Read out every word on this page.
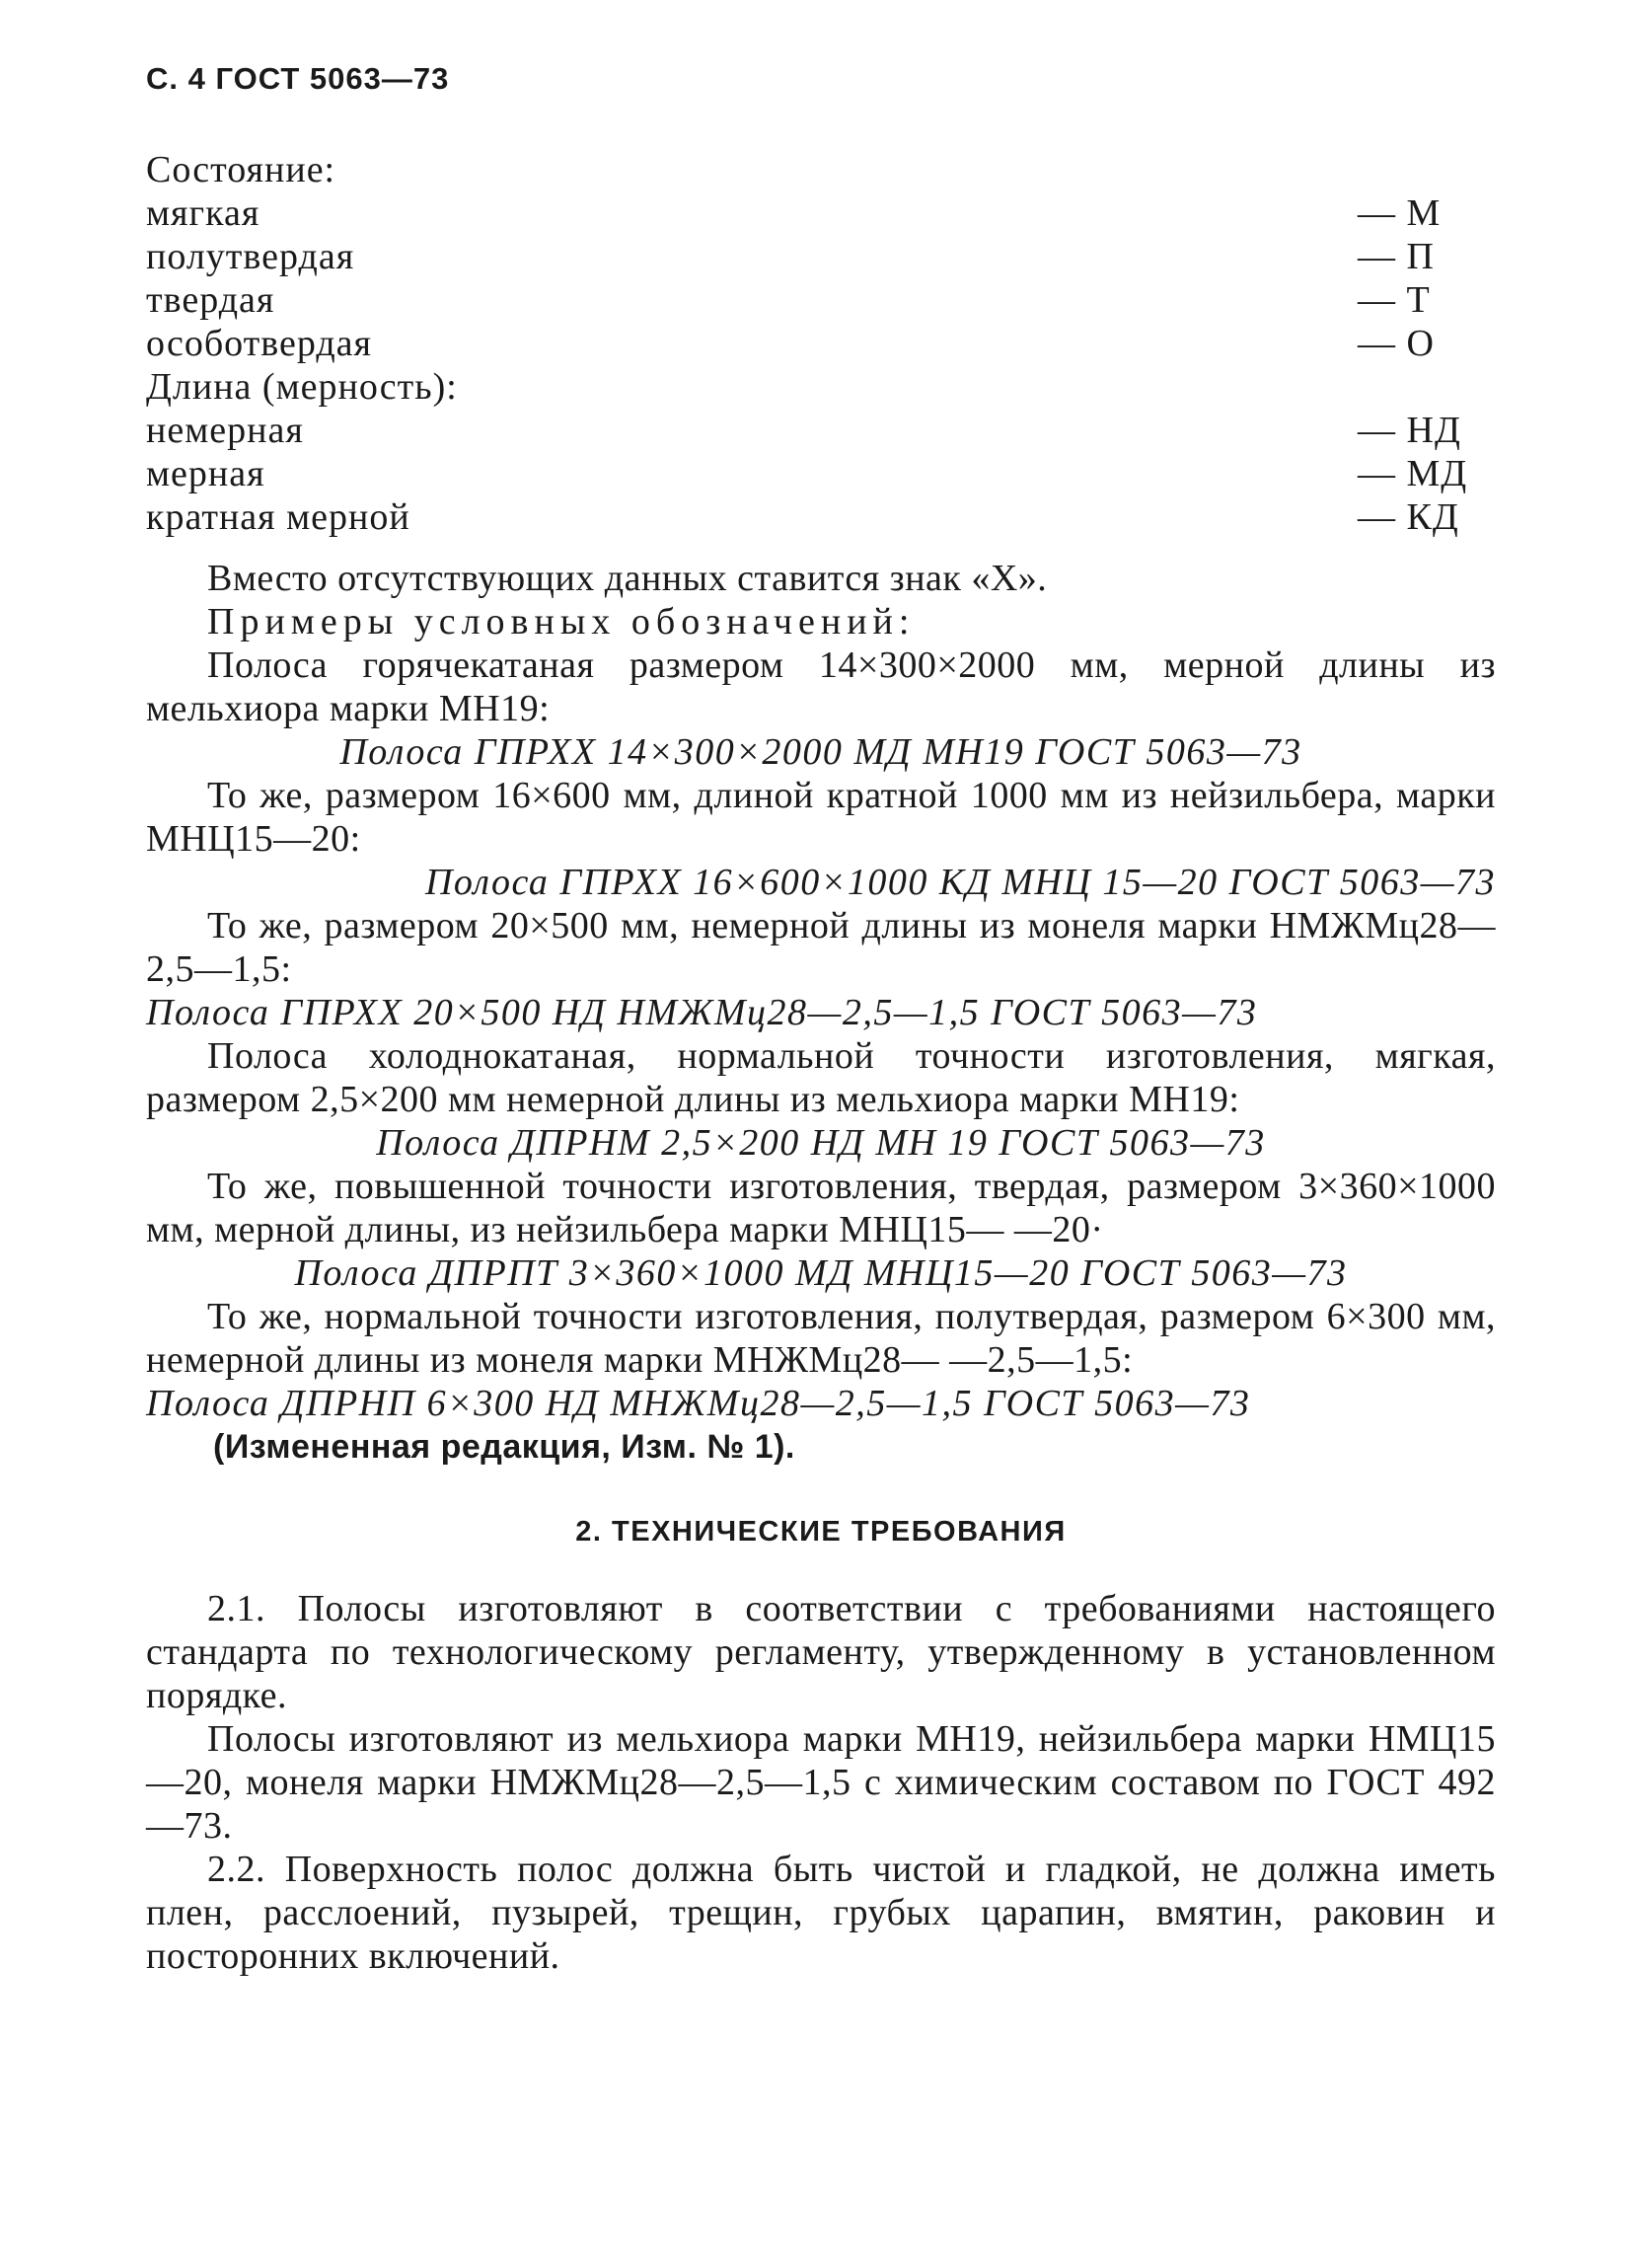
С. 4 ГОСТ 5063—73
Состояние:
мягкая	— М
полутвердая	— П
твердая	— Т
особотвердая	— О
Длина (мерность):
немерная	— НД
мерная	— МД
кратная мерной	— КД

Вместо отсутствующих данных ставится знак «Х».

Примеры условных обозначений:

Полоса горячекатаная размером 14×300×2000 мм, мерной длины из мельхиора марки МН19:

Полоса ГПРХХ 14×300×2000 МД МН19 ГОСТ 5063—73

То же, размером 16×600 мм, длиной кратной 1000 мм из нейзильбера, марки МНЦ15—20:

Полоса ГПРХХ 16×600×1000 КД МНЦ 15—20 ГОСТ 5063—73

То же, размером 20×500 мм, немерной длины из монеля марки НМЖМц28—2,5—1,5:

Полоса ГПРХХ 20×500 НД НМЖМц28—2,5—1,5 ГОСТ 5063—73

Полоса холоднокатаная, нормальной точности изготовления, мягкая, размером 2,5×200 мм немерной длины из мельхиора марки МН19:

Полоса ДПРНМ 2,5×200 НД МН 19 ГОСТ 5063—73

То же, повышенной точности изготовления, твердая, размером 3×360×1000 мм, мерной длины, из нейзильбера марки МНЦ15— —20·

Полоса ДПРПТ 3×360×1000 МД МНЦ15—20 ГОСТ 5063—73

То же, нормальной точности изготовления, полутвердая, размером 6×300 мм, немерной длины из монеля марки МНЖМц28— —2,5—1,5:

Полоса ДПРНП 6×300 НД МНЖМц28—2,5—1,5 ГОСТ 5063—73

(Измененная редакция, Изм. № 1).

2. ТЕХНИЧЕСКИЕ ТРЕБОВАНИЯ

2.1. Полосы изготовляют в соответствии с требованиями настоящего стандарта по технологическому регламенту, утвержденному в установленном порядке.

Полосы изготовляют из мельхиора марки МН19, нейзильбера марки НМЦ15—20, монеля марки НМЖМц28—2,5—1,5 с химическим составом по ГОСТ 492—73.

2.2. Поверхность полос должна быть чистой и гладкой, не должна иметь плен, расслоений, пузырей, трещин, грубых царапин, вмятин, раковин и посторонних включений.
